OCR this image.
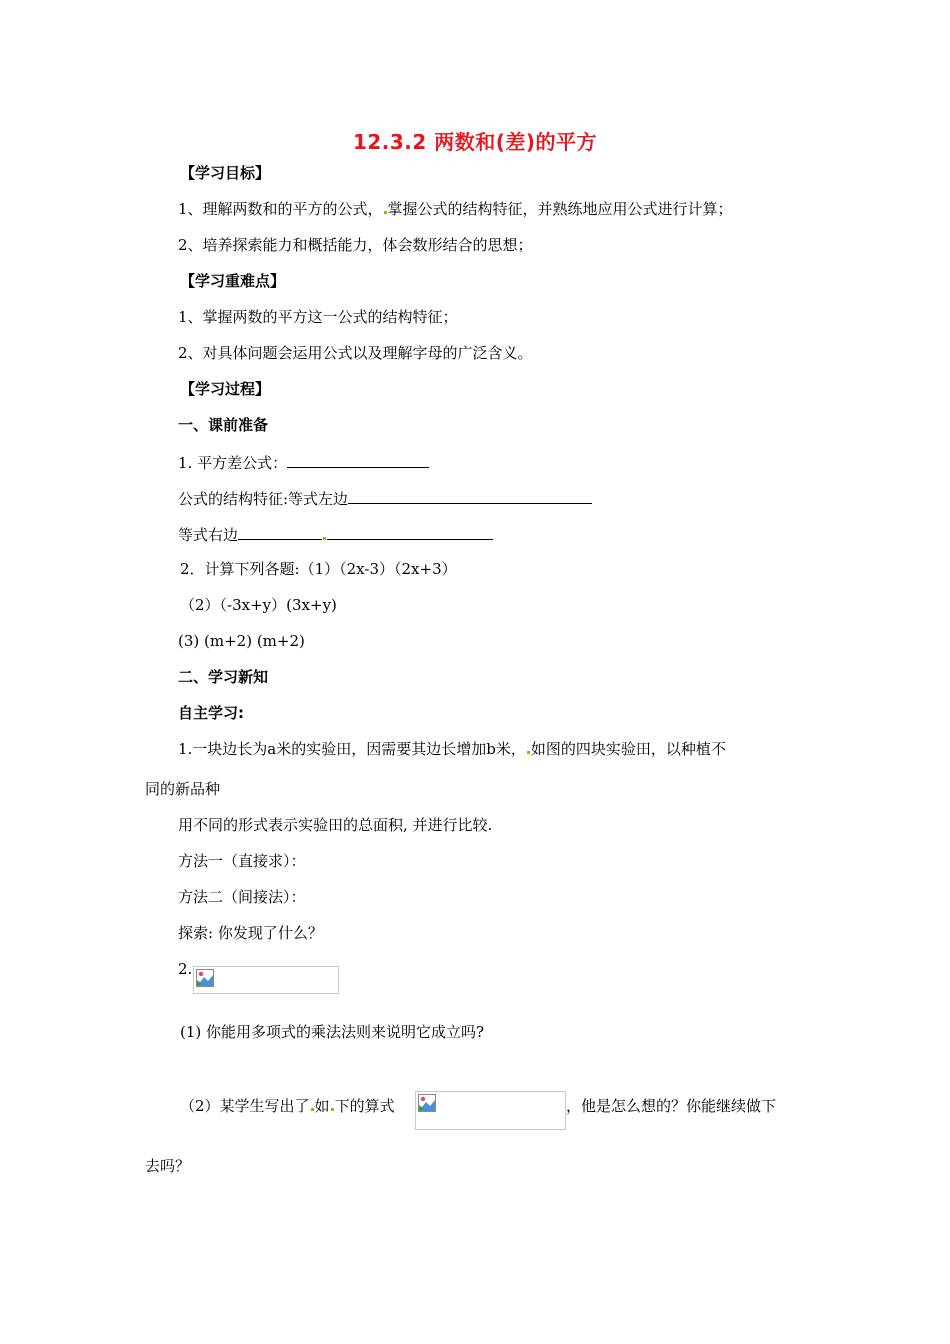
12.3.2 两数和(差)的平方
【学习目标】
1、理解两数和的平方的公式， 掌握公式的结构特征，并熟练地应用公式进行计算；
2、培养探索能力和概括能力，体会数形结合的思想；
【学习重难点】
1、掌握两数的平方这一公式的结构特征；
2、对具体问题会运用公式以及理解字母的广泛含义。
【学习过程】
一、课前准备
1. 平方差公式：
公式的结构特征:等式左边
等式右边
2．计算下列各题:（1）（2x-3）（2x+3）
（2）（-3x+y）(3x+y)
(3) (m+2) (m+2)
二、学习新知
自主学习:
1.一块边长为a米的实验田，因需要其边长增加b米， 如图的四块实验田，以种植不
同的新品种
用不同的形式表示实验田的总面积, 并进行比较.
方法一（直接求）：
方法二（间接法）：
探索: 你发现了什么？
2.
(1) 你能用多项式的乘法法则来说明它成立吗?
（2）某学生写出了 如 下的算式	，他是怎么想的？你能继续做下
去吗？
